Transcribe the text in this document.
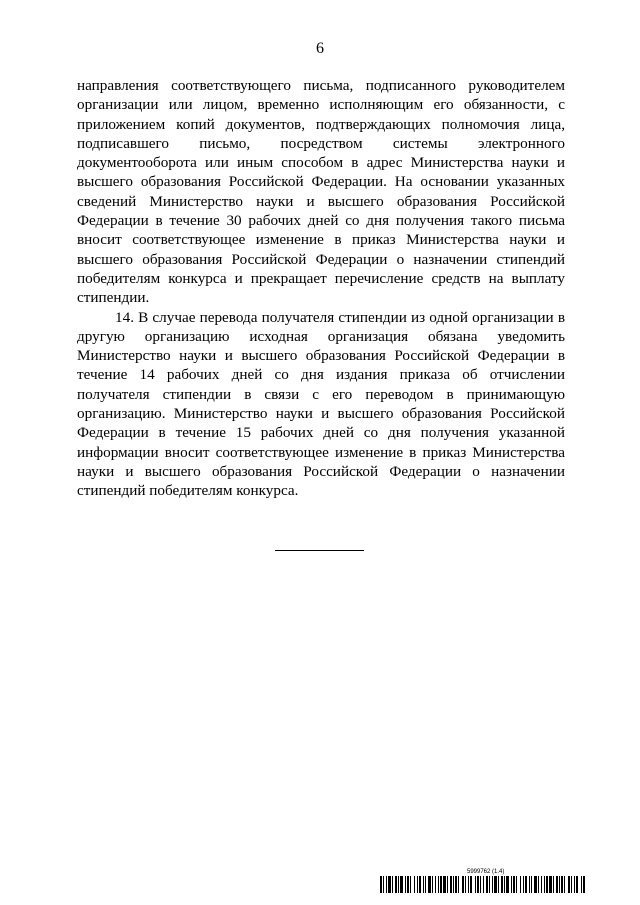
6

направления соответствующего письма, подписанного руководителем организации или лицом, временно исполняющим его обязанности, с приложением копий документов, подтверждающих полномочия лица, подписавшего письмо, посредством системы электронного документооборота или иным способом в адрес Министерства науки и высшего образования Российской Федерации. На основании указанных сведений Министерство науки и высшего образования Российской Федерации в течение 30 рабочих дней со дня получения такого письма вносит соответствующее изменение в приказ Министерства науки и высшего образования Российской Федерации о назначении стипендий победителям конкурса и прекращает перечисление средств на выплату стипендии.

14. В случае перевода получателя стипендии из одной организации в другую организацию исходная организация обязана уведомить Министерство науки и высшего образования Российской Федерации в течение 14 рабочих дней со дня издания приказа об отчислении получателя стипендии в связи с его переводом в принимающую организацию. Министерство науки и высшего образования Российской Федерации в течение 15 рабочих дней со дня получения указанной информации вносит соответствующее изменение в приказ Министерства науки и высшего образования Российской Федерации о назначении стипендий победителям конкурса.

5999762 (1.4)
